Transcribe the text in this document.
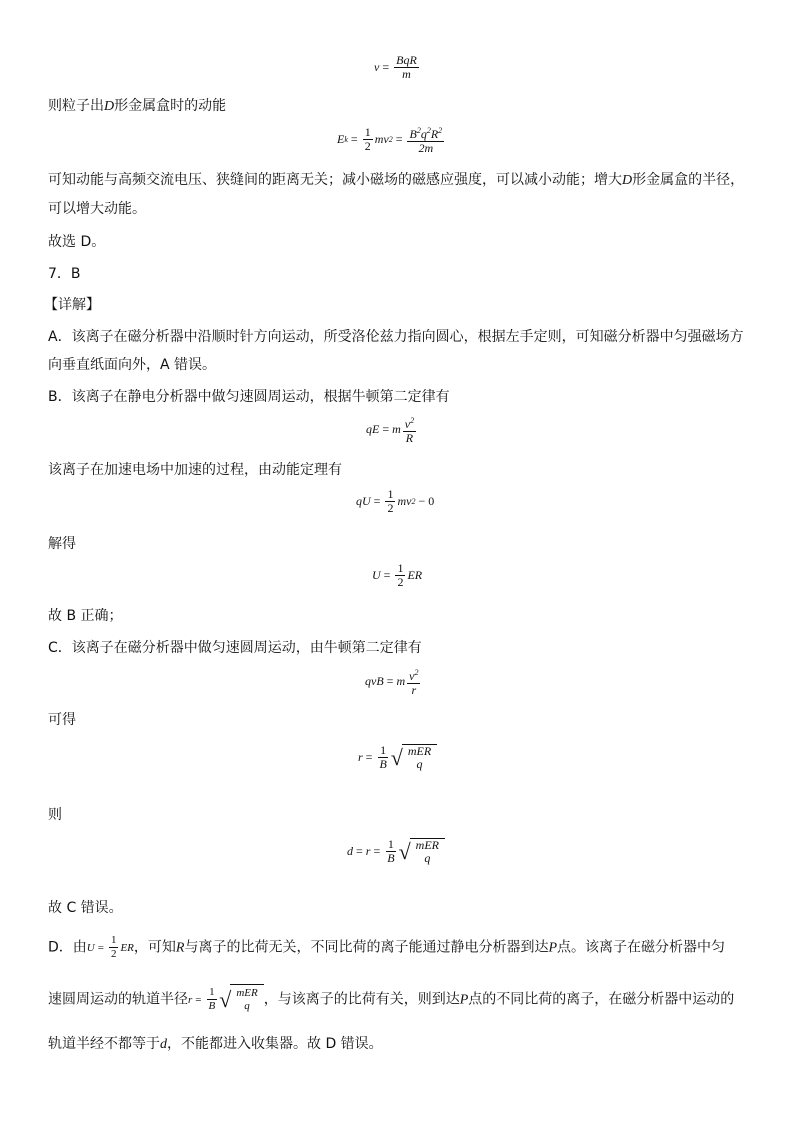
$v = \frac{\text{BqR}}{m}$
则粒子出D形金属盒时的动能
E $k = \frac{1}{2}$ mv $2 = \frac{B^2q^2R^2}{2m}$
可知动能与高频交流电压、狭缝间的距离无关；减小磁场的磁感应强度，可以减小动能；增大D形金属盒的半径，
可以增大动能。
故选 D。
7．B
【详解】
A．该离子在磁分析器中沿顺时针方向运动，所受洛伦兹力指向圆心，根据左手定则，可知磁分析器中匀强磁场方
向垂直纸面向外，A 错误。
B．该离子在静电分析器中做匀速圆周运动，根据牛顿第二定律有
qE = m $\frac{v^2}{R}$
该离子在加速电场中加速的过程，由动能定理有
qU = $\frac{1}{2}$ mv 2 − 0
解得
$U = \frac{1}{2}$ ER
故 B 正确；
C．该离子在磁分析器中做匀速圆周运动，由牛顿第二定律有
qvB = m $\frac{v^2}{r}$
可得
$r = \frac{1}{B}$ √ mER
q
则
$d = r = \frac{1}{B}$ √ mER
q
故 C 错误。
D．由$U = \frac{1}{2}$ ER，可知R与离子的比荷无关，不同比荷的离子能通过静电分析器到达P点。该离子在磁分析器中匀
速圆周运动的轨道半径$r = \frac{1}{B}$ √ mER
q ，与该离子的比荷有关，则到达P点的不同比荷的离子，在磁分析器中运动的
轨道半经不都等于d，不能都进入收集器。故 D 错误。
